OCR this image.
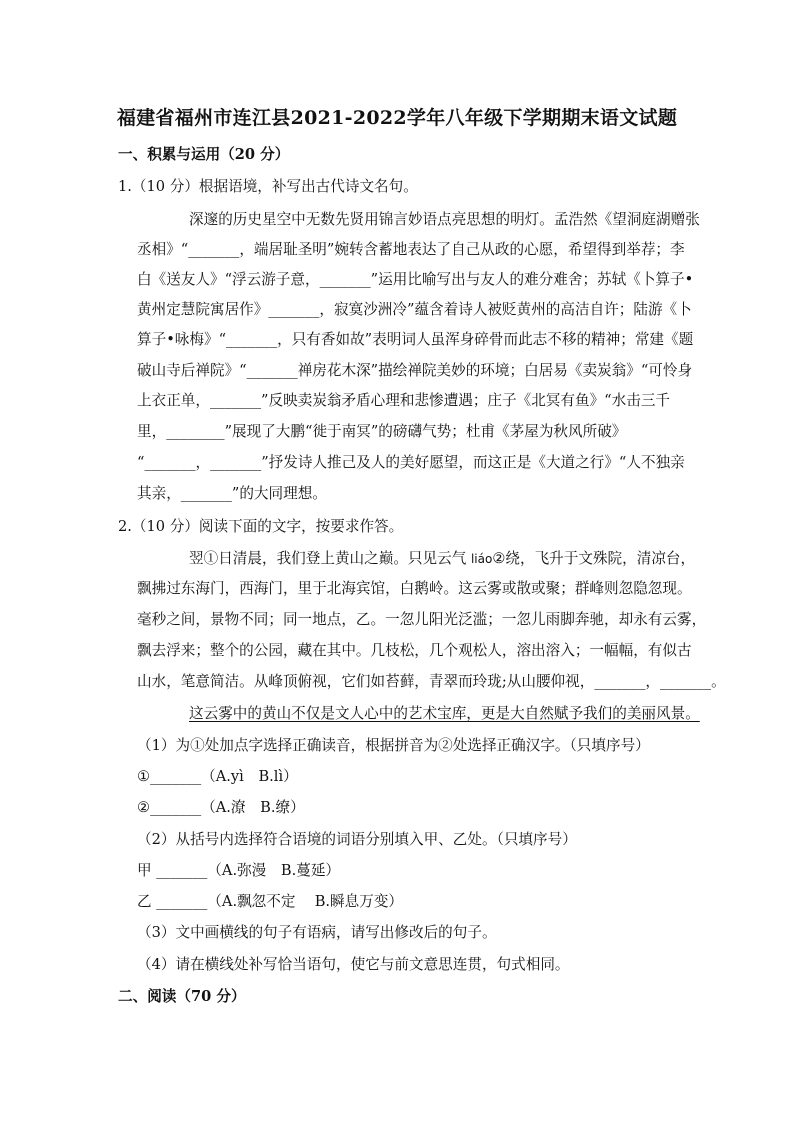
福建省福州市连江县2021-2022学年八年级下学期期末语文试题
一、积累与运用（20 分）
1.（10 分）根据语境，补写出古代诗文名句。
深邃的历史星空中无数先贤用锦言妙语点亮思想的明灯。孟浩然《望洞庭湖赠张
丞相》“_______，端居耻圣明”婉转含蓄地表达了自己从政的心愿，希望得到举荐；李
白《送友人》“浮云游子意，_______”运用比喻写出与友人的难分难舍；苏轼《卜算子•
黄州定慧院寓居作》_______，寂寞沙洲冷”蕴含着诗人被贬黄州的高洁自许；陆游《卜
算子•咏梅》“_______，只有香如故”表明词人虽浑身碎骨而此志不移的精神；常建《题
破山寺后禅院》“_______禅房花木深”描绘禅院美妙的环境；白居易《卖炭翁》“可怜身
上衣正单，_______”反映卖炭翁矛盾心理和悲惨遭遇；庄子《北冥有鱼》“水击三千
里，________”展现了大鹏“徙于南冥”的磅礴气势；杜甫《茅屋为秋风所破》
“_______，_______”抒发诗人推己及人的美好愿望，而这正是《大道之行》“人不独亲
其亲，_______”的大同理想。
2.（10 分）阅读下面的文字，按要求作答。
翌①日清晨，我们登上黄山之巅。只见云气 liáo②绕，飞升于文殊院，清凉台，
飘拂过东海门，西海门，里于北海宾馆，白鹅岭。这云雾或散或聚；群峰则忽隐忽现。
毫秒之间，景物不同；同一地点，乙。一忽儿阳光泛滥；一忽儿雨脚奔驰，却永有云雾，
飘去浮来；整个的公园，藏在其中。几枝松，几个观松人，溶出溶入；一幅幅，有似古
山水，笔意简洁。从峰顶俯视，它们如苔藓，青翠而玲珑;从山腰仰视，_______，_______。
这云雾中的黄山不仅是文人心中的艺术宝库，更是大自然赋予我们的美丽风景。
（1）为①处加点字选择正确读音，根据拼音为②处选择正确汉字。（只填序号）
①_______（A.yì　B.lì）
②_______（A.潦　B.缭）
（2）从括号内选择符合语境的词语分别填入甲、乙处。（只填序号）
甲 _______（A.弥漫　B.蔓延）
乙 _______（A.飘忽不定　 B.瞬息万变）
（3）文中画横线的句子有语病，请写出修改后的句子。
（4）请在横线处补写恰当语句，使它与前文意思连贯，句式相同。
二、阅读（70 分）
